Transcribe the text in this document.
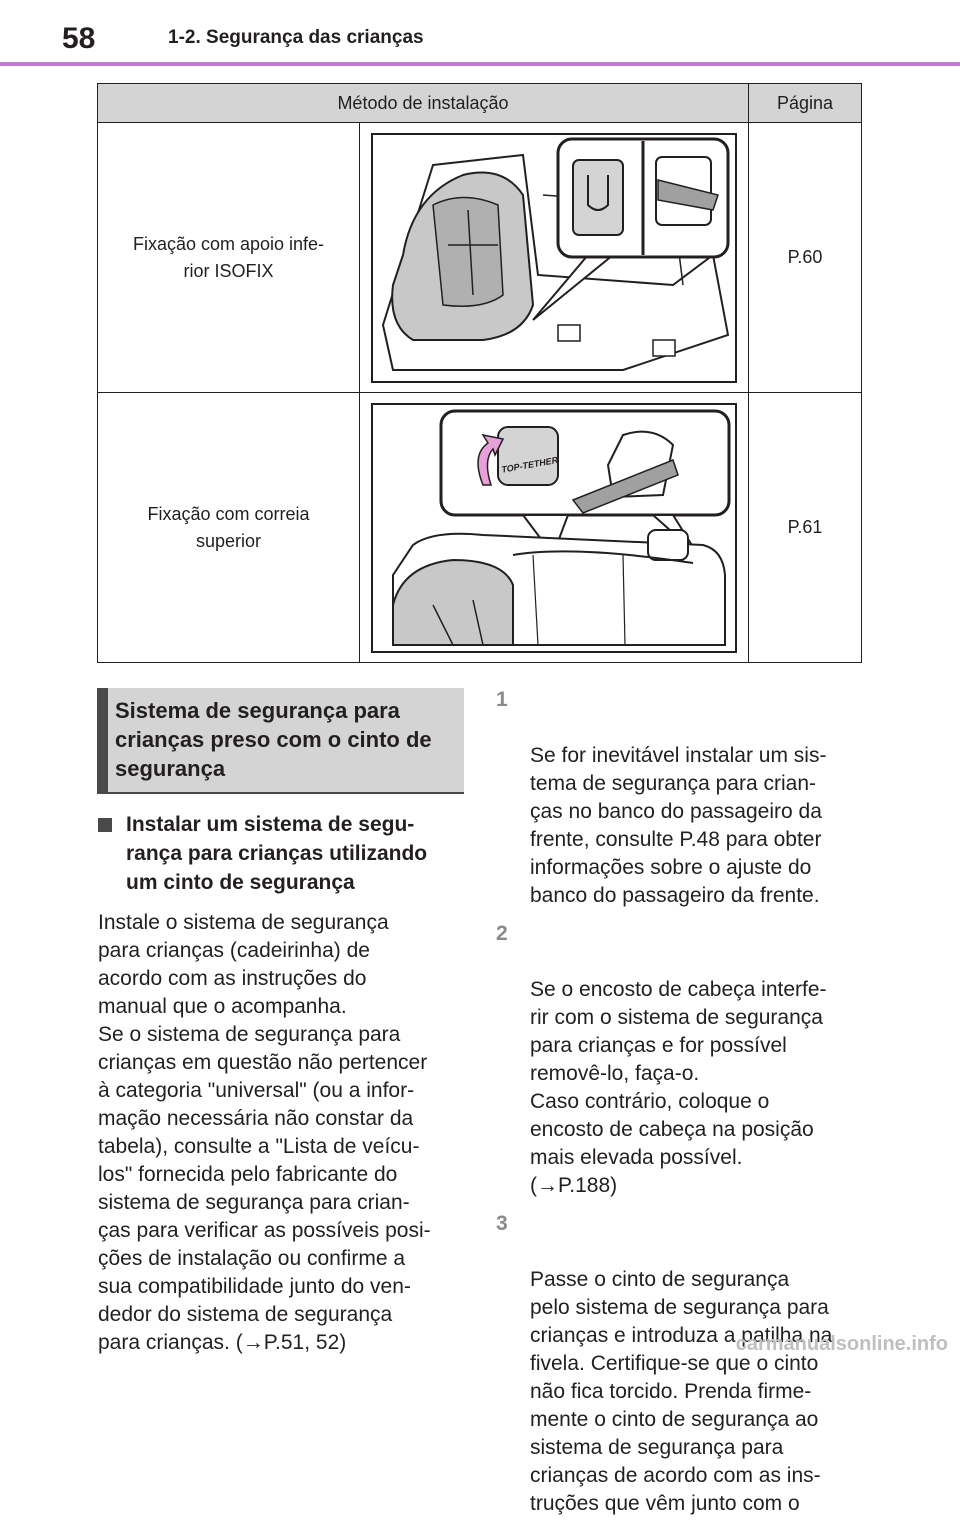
58	1-2. Segurança das crianças
Método de instalação		Página
Fixação com apoio infe-
rior ISOFIX		P.60
Fixação com correia
superior	TOP-TETHER	P.61
Sistema de segurança para crianças preso com o cinto de segurança
Instalar um sistema de segu-
rança para crianças utilizando
um cinto de segurança
Instale o sistema de segurança
para crianças (cadeirinha) de
acordo com as instruções do
manual que o acompanha.
Se o sistema de segurança para
crianças em questão não pertencer
à categoria "universal" (ou a infor-
mação necessária não constar da
tabela), consulte a "Lista de veícu-
los" fornecida pelo fabricante do
sistema de segurança para crian-
ças para verificar as possíveis posi-
ções de instalação ou confirme a
sua compatibilidade junto do ven-
dedor do sistema de segurança
para crianças. (→P.51, 52)

1

Se for inevitável instalar um sis-
tema de segurança para crian-
ças no banco do passageiro da
frente, consulte P.48 para obter
informações sobre o ajuste do
banco do passageiro da frente.

2

Se o encosto de cabeça interfe-
rir com o sistema de segurança
para crianças e for possível
removê-lo, faça-o.
Caso contrário, coloque o
encosto de cabeça na posição
mais elevada possível.
(→P.188)

3

Passe o cinto de segurança
pelo sistema de segurança para
crianças e introduza a patilha na
fivela. Certifique-se que o cinto
não fica torcido. Prenda firme-
mente o cinto de segurança ao
sistema de segurança para
crianças de acordo com as ins-
truções que vêm junto com o

carmanualsonline.info
